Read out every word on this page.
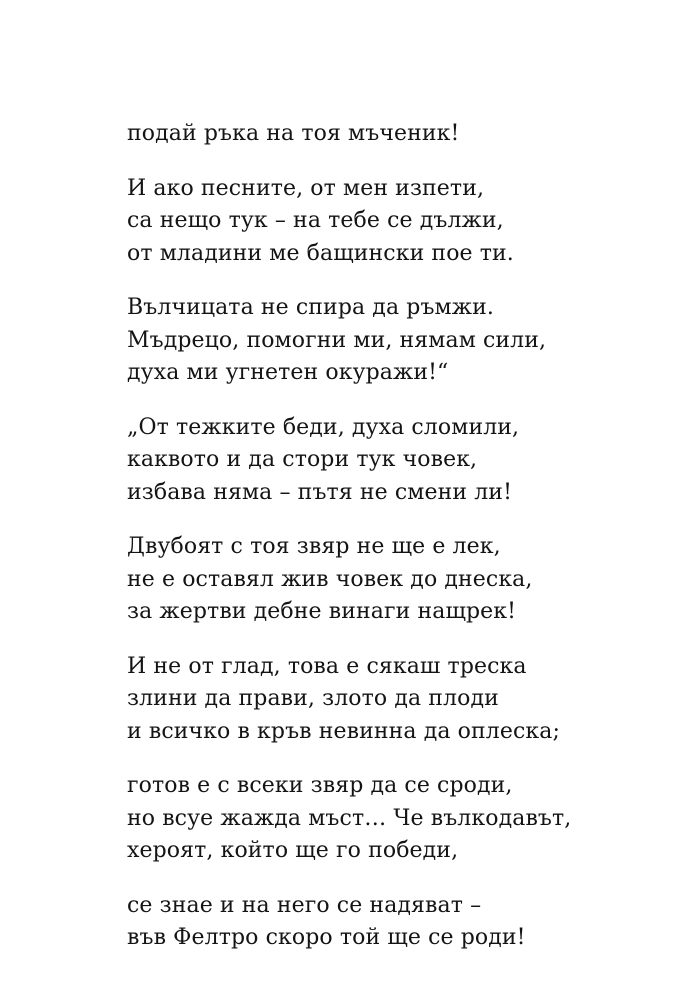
подай ръка на тоя мъченик!
И ако песните, от мен изпети,
са нещо тук – на тебе се дължи,
от младини ме бащински пое ти.
Вълчицата не спира да ръмжи.
Мъдрецо, помогни ми, нямам сили,
духа ми угнетен окуражи!“
„От тежките беди, духа сломили,
каквото и да стори тук човек,
избава няма – пътя не смени ли!
Двубоят с тоя звяр не ще е лек,
не е оставял жив човек до днеска,
за жертви дебне винаги нащрек!
И не от глад, това е сякаш треска
злини да прави, злото да плоди
и всичко в кръв невинна да оплеска;
готов е с всеки звяр да се сроди,
но всуе жажда мъст… Че вълкодавът,
херoят, който ще го победи,
се знае и на него се надяват –
във Фелтро скоро той ще се роди!
